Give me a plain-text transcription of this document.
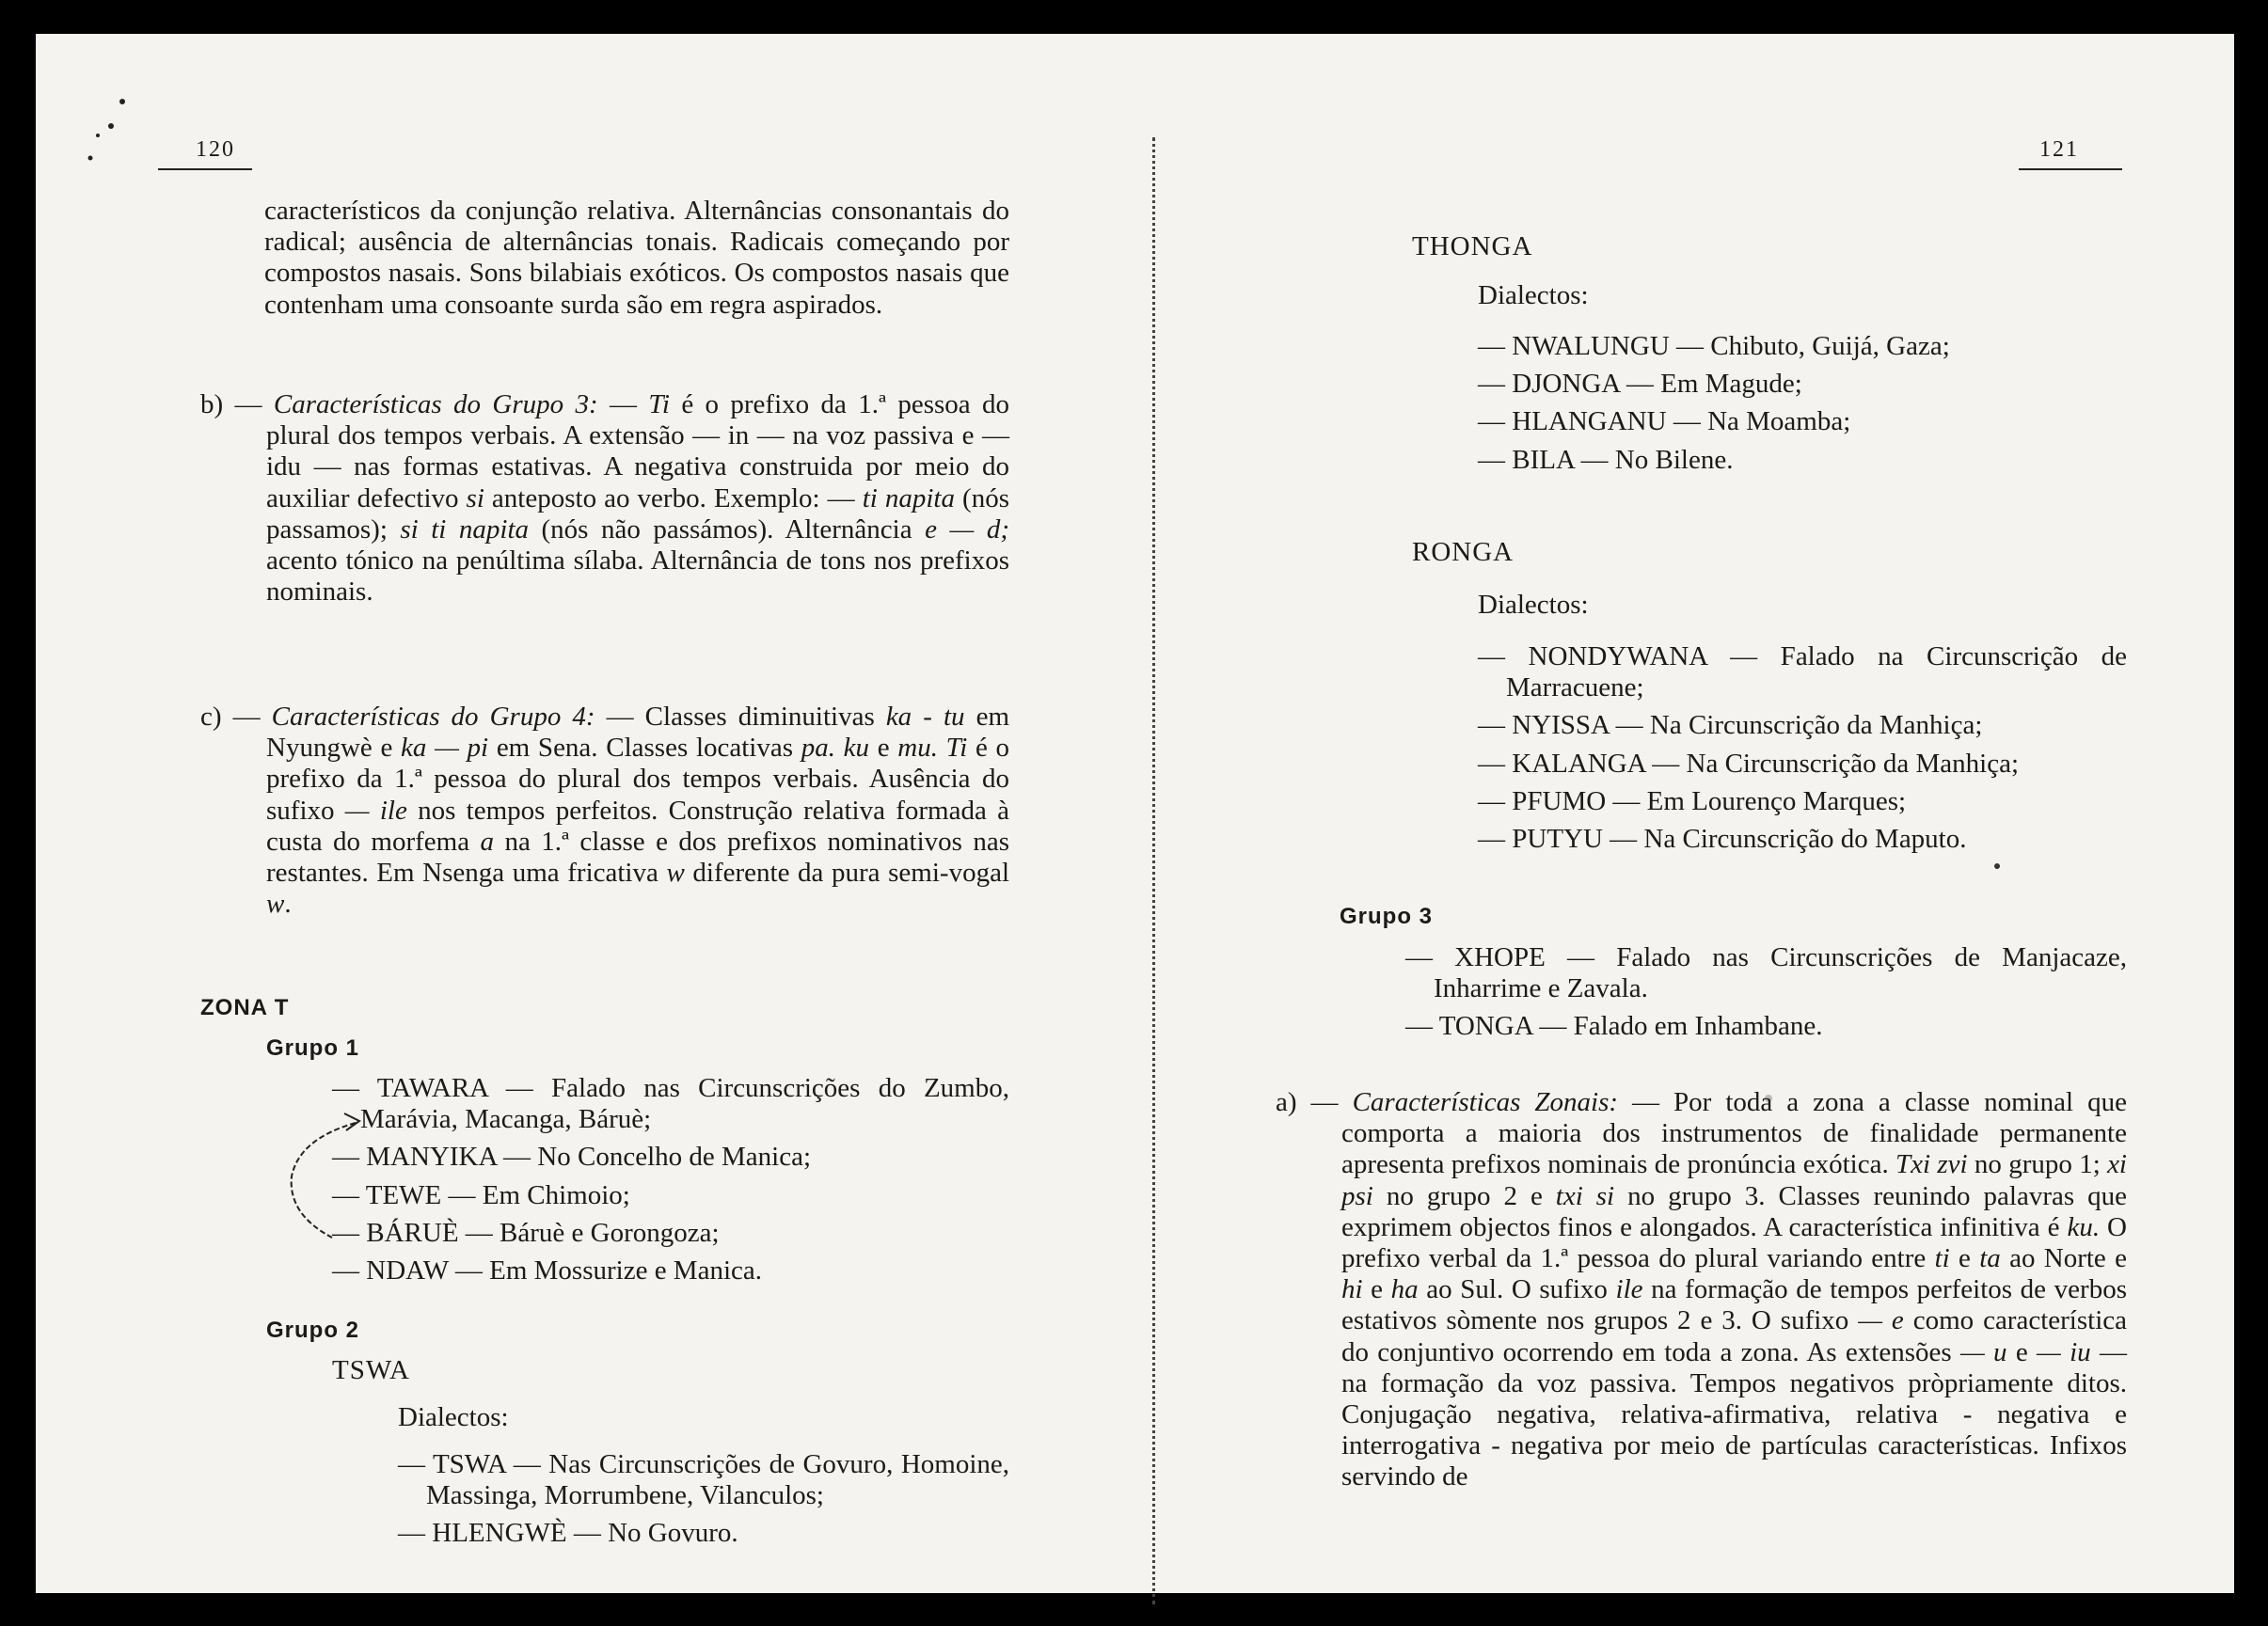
120

característicos da conjunção relativa. Alternâncias consonantais do radical; ausência de alternâncias tonais. Radicais começando por compostos nasais. Sons bilabiais exóticos. Os compostos nasais que contenham uma consoante surda são em regra aspirados.

b) — Características do Grupo 3: — Ti é o prefixo da 1.ª pessoa do plural dos tempos verbais. A extensão — in — na voz passiva e — idu — nas formas estativas. A negativa construida por meio do auxiliar defectivo si anteposto ao verbo. Exemplo: — ti napita (nós passamos); si ti napita (nós não passámos). Alternância e — d; acento tónico na penúltima sílaba. Alternância de tons nos prefixos nominais.

c) — Características do Grupo 4: — Classes diminuitivas ka - tu em Nyungwè e ka — pi em Sena. Classes locativas pa. ku e mu. Ti é o prefixo da 1.ª pessoa do plural dos tempos verbais. Ausência do sufixo — ile nos tempos perfeitos. Construção relativa formada à custa do morfema a na 1.ª classe e dos prefixos nominativos nas restantes. Em Nsenga uma fricativa w diferente da pura semi-vogal w.

ZONA T
Grupo 1
— TAWARA — Falado nas Circunscrições do Zumbo, Marávia, Macanga, Báruè;
— MANYIKA — No Concelho de Manica;
— TEWE — Em Chimoio;
— BÁRUÈ — Báruè e Gorongoza;
— NDAW — Em Mossurize e Manica.
Grupo 2
TSWA
Dialectos:
— TSWA — Nas Circunscrições de Govuro, Homoine, Massinga, Morrumbene, Vilanculos;
— HLENGWÈ — No Govuro.
121
THONGA
Dialectos:
— NWALUNGU — Chibuto, Guijá, Gaza;
— DJONGA — Em Magude;
— HLANGANU — Na Moamba;
— BILA — No Bilene.
RONGA
Dialectos:
— NONDYWANA — Falado na Circunscrição de Marracuene;
— NYISSA — Na Circunscrição da Manhiça;
— KALANGA — Na Circunscrição da Manhiça;
— PFUMO — Em Lourenço Marques;
— PUTYU — Na Circunscrição do Maputo.
Grupo 3
— XHOPE — Falado nas Circunscrições de Manjacaze, Inharrime e Zavala.
— TONGA — Falado em Inhambane.

a) — Características Zonais: — Por toda a zona a classe nominal que comporta a maioria dos instrumentos de finalidade permanente apresenta prefixos nominais de pronúncia exótica. Txi zvi no grupo 1; xi psi no grupo 2 e txi si no grupo 3. Classes reunindo palavras que exprimem objectos finos e alongados. A característica infinitiva é ku. O prefixo verbal da 1.ª pessoa do plural variando entre ti e ta ao Norte e hi e ha ao Sul. O sufixo ile na formação de tempos perfeitos de verbos estativos sòmente nos grupos 2 e 3. O sufixo — e como característica do conjuntivo ocorrendo em toda a zona. As extensões — u e — iu — na formação da voz passiva. Tempos negativos pròpriamente ditos. Conjugação negativa, relativa-afirmativa, relativa - negativa e interrogativa - negativa por meio de partículas características. Infixos servindo de
